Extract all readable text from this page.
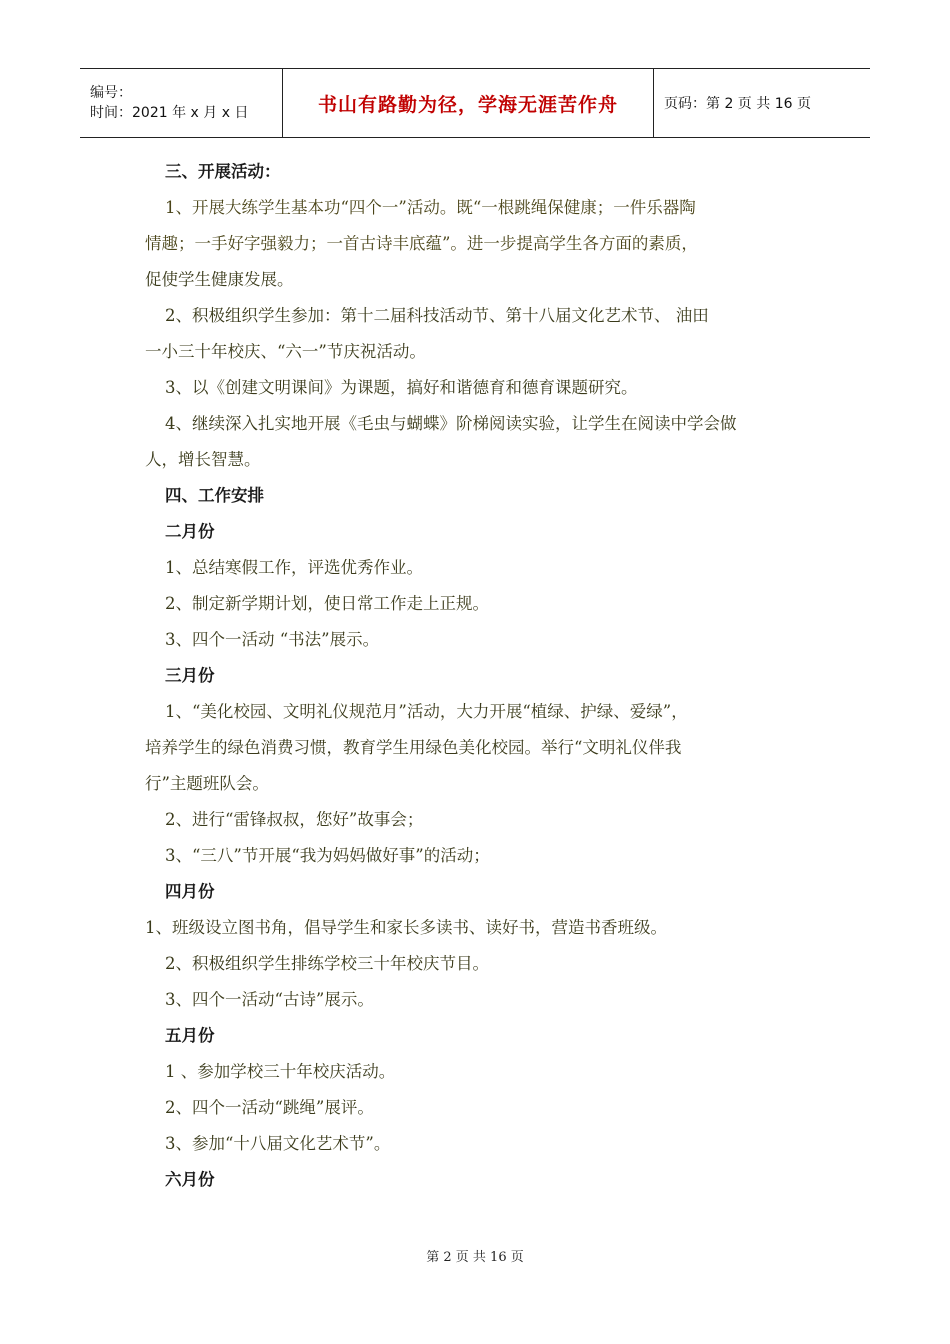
编号：
时间：2021 年 x 月 x 日	书山有路勤为径，学海无涯苦作舟	页码：第 2 页 共 16 页
三、开展活动：
1、开展大练学生基本功“四个一”活动。既“一根跳绳保健康；一件乐器陶
情趣；一手好字强毅力；一首古诗丰底蕴”。进一步提高学生各方面的素质，
促使学生健康发展。
2、积极组织学生参加：第十二届科技活动节、第十八届文化艺术节、 油田
一小三十年校庆、“六一”节庆祝活动。
3、以《创建文明课间》为课题，搞好和谐德育和德育课题研究。
4、继续深入扎实地开展《毛虫与蝴蝶》阶梯阅读实验，让学生在阅读中学会做
人，增长智慧。
四、工作安排
二月份
1、总结寒假工作，评选优秀作业。
2、制定新学期计划，使日常工作走上正规。
3、四个一活动 “书法”展示。
三月份
1、“美化校园、文明礼仪规范月”活动，大力开展“植绿、护绿、爱绿”，
培养学生的绿色消费习惯，教育学生用绿色美化校园。举行“文明礼仪伴我
行”主题班队会。
2、进行“雷锋叔叔，您好”故事会；
3、“三八”节开展“我为妈妈做好事”的活动；
四月份
1、班级设立图书角，倡导学生和家长多读书、读好书，营造书香班级。
2、积极组织学生排练学校三十年校庆节目。
3、四个一活动“古诗”展示。
五月份
1 、参加学校三十年校庆活动。
2、四个一活动“跳绳”展评。
3、参加“十八届文化艺术节”。
六月份
第 2 页 共 16 页
